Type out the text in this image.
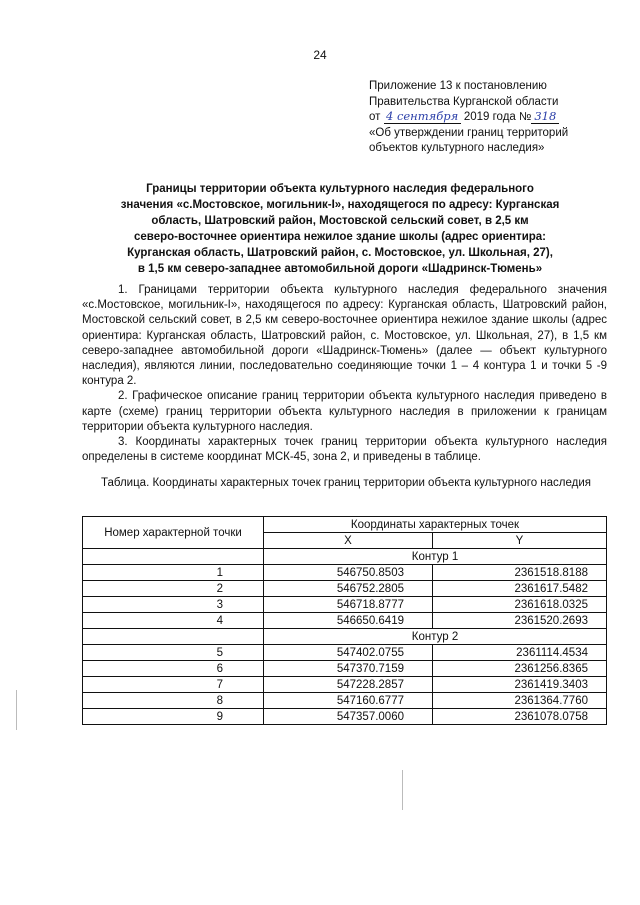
24
Приложение 13 к постановлению
Правительства Курганской области
от 4 сентября 2019 года № 318
«Об утверждении границ территорий
объектов культурного наследия»
Границы территории объекта культурного наследия федерального
значения «с.Мостовское, могильник-I», находящегося по адресу: Курганская
область, Шатровский район, Мостовской сельский совет, в 2,5 км
северо-восточнее ориентира нежилое здание школы (адрес ориентира:
Курганская область, Шатровский район, с. Мостовское, ул. Школьная, 27),
в 1,5 км северо-западнее автомобильной дороги «Шадринск-Тюмень»

1. Границами территории объекта культурного наследия федерального значения «с.Мостовское, могильник-I», находящегося по адресу: Курганская область, Шатровский район, Мостовской сельский совет, в 2,5 км северо-восточнее ориентира нежилое здание школы (адрес ориентира: Курганская область, Шатровский район, с. Мостовское, ул. Школьная, 27), в 1,5 км северо-западнее автомобильной дороги «Шадринск-Тюмень» (далее — объект культурного наследия), являются линии, последовательно соединяющие точки 1 – 4 контура 1 и точки 5 -9 контура 2.

2. Графическое описание границ территории объекта культурного наследия приведено в карте (схеме) границ территории объекта культурного наследия в приложении к границам территории объекта культурного наследия.

3. Координаты характерных точек границ территории объекта культурного наследия определены в системе координат МСК-45, зона 2, и приведены в таблице.

Таблица. Координаты характерных точек границ территории объекта культурного наследия
Номер характерной точки	Координаты характерных точек	
	X	Y
	Контур 1	
1	546750.8503	2361518.8188
2	546752.2805	2361617.5482
3	546718.8777	2361618.0325
4	546650.6419	2361520.2693
	Контур 2	
5	547402.0755	2361114.4534
6	547370.7159	2361256.8365
7	547228.2857	2361419.3403
8	547160.6777	2361364.7760
9	547357.0060	2361078.0758
